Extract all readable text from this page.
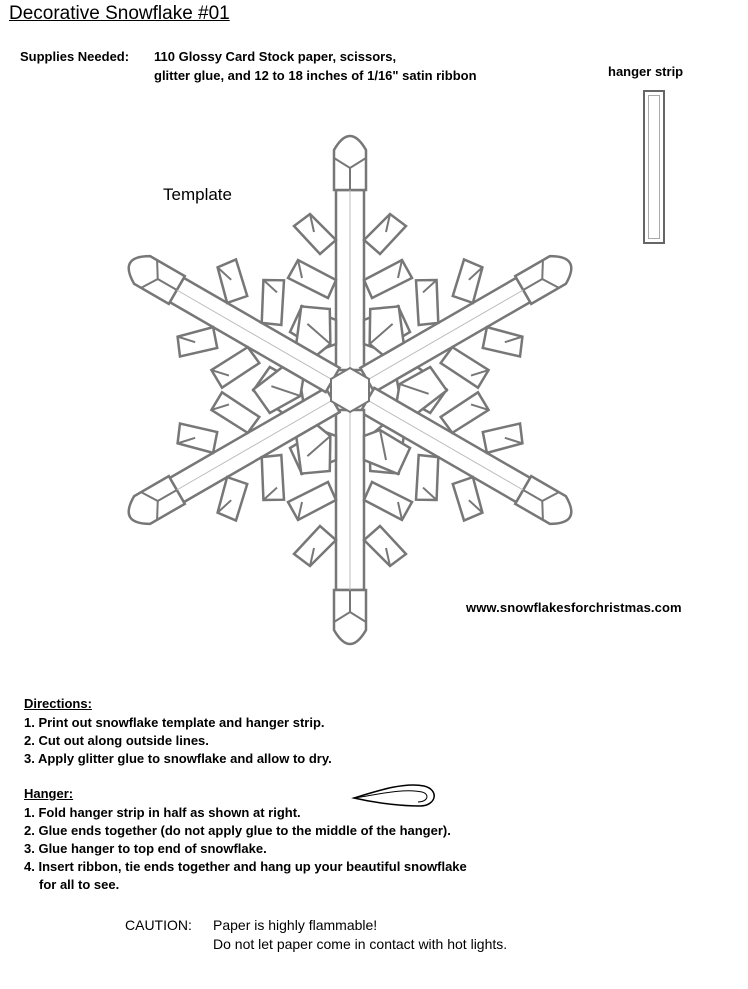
Decorative Snowflake #01
Supplies Needed: 110 Glossy Card Stock paper, scissors,
glitter glue, and 12 to 18 inches of 1/16" satin ribbon	hanger strip
Template
www.snowflakesforchristmas.com
Directions:
1. Print out snowflake template and hanger strip.
2. Cut out along outside lines.
3. Apply glitter glue to snowflake and allow to dry.
Hanger:
1. Fold hanger strip in half as shown at right.
2. Glue ends together (do not apply glue to the middle of the hanger).
3. Glue hanger to top end of snowflake.
4. Insert ribbon, tie ends together and hang up your beautiful snowflake
for all to see.
CAUTION: Paper is highly flammable!
Do not let paper come in contact with hot lights.
